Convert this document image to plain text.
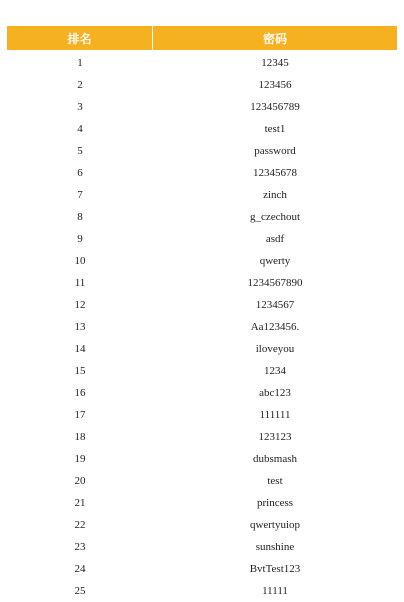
排名	密码
1	12345
2	123456
3	123456789
4	test1
5	password
6	12345678
7	zinch
8	g_czechout
9	asdf
10	qwerty
11	1234567890
12	1234567
13	Aa123456.
14	iloveyou
15	1234
16	abc123
17	111111
18	123123
19	dubsmash
20	test
21	princess
22	qwertyuiop
23	sunshine
24	BvtTest123
25	11111
